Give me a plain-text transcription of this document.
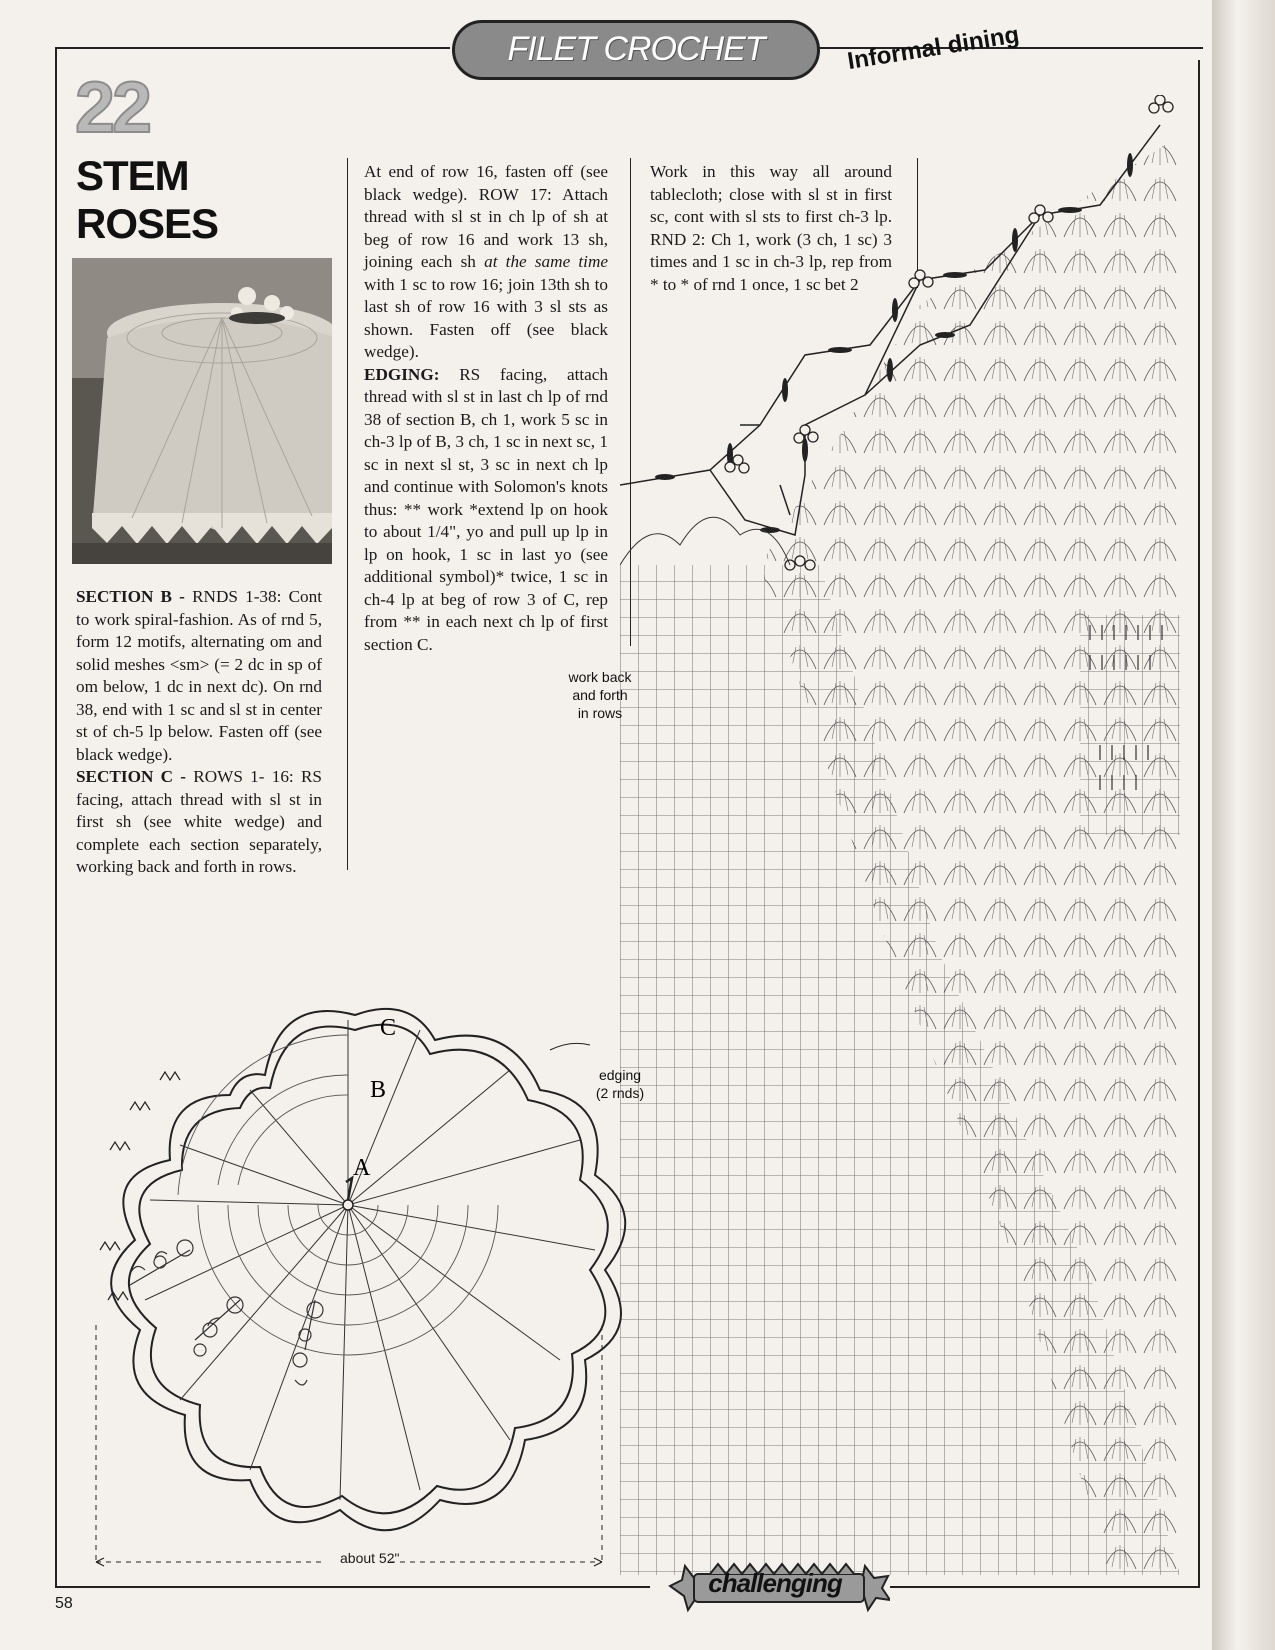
FILET CROCHET	Informal dining
22
STEM
ROSES

SECTION B - RNDS 1-38: Cont to work spiral-fashion. As of rnd 5, form 12 motifs, alternating om and solid meshes <sm> (= 2 dc in sp of om below, 1 dc in next dc). On rnd 38, end with 1 sc and sl st in center st of ch-5 lp below. Fasten off (see black wedge).

SECTION C - ROWS 1- 16: RS facing, attach thread with sl st in first sh (see white wedge) and complete each section separately, working back and forth in rows.

At end of row 16, fasten off (see black wedge). ROW 17: Attach thread with sl st in ch lp of sh at beg of row 16 and work 13 sh, joining each sh at the same time with 1 sc to row 16; join 13th sh to last sh of row 16 with 3 sl sts as shown. Fasten off (see black wedge).

EDGING: RS facing, attach thread with sl st in last ch lp of rnd 38 of section B, ch 1, work 5 sc in ch-3 lp of B, 3 ch, 1 sc in next sc, 1 sc in next sl st, 3 sc in next ch lp and continue with Solomon's knots thus: ** work *extend lp on hook to about 1/4", yo and pull up lp in lp on hook, 1 sc in last yo (see additional symbol)* twice, 1 sc in ch-4 lp at beg of row 3 of C, rep from ** in each next ch lp of first section C.

Work in this way all around tablecloth; close with sl st in first sc, cont with sl sts to first ch-3 lp. RND 2: Ch 1, work (3 ch, 1 sc) 3 times and 1 sc in ch-3 lp, rep from * to * of rnd 1 once, 1 sc bet 2

work back
and forth
in rows
C
B
A
edging
(2 rnds)
about 52"
58
challenging
